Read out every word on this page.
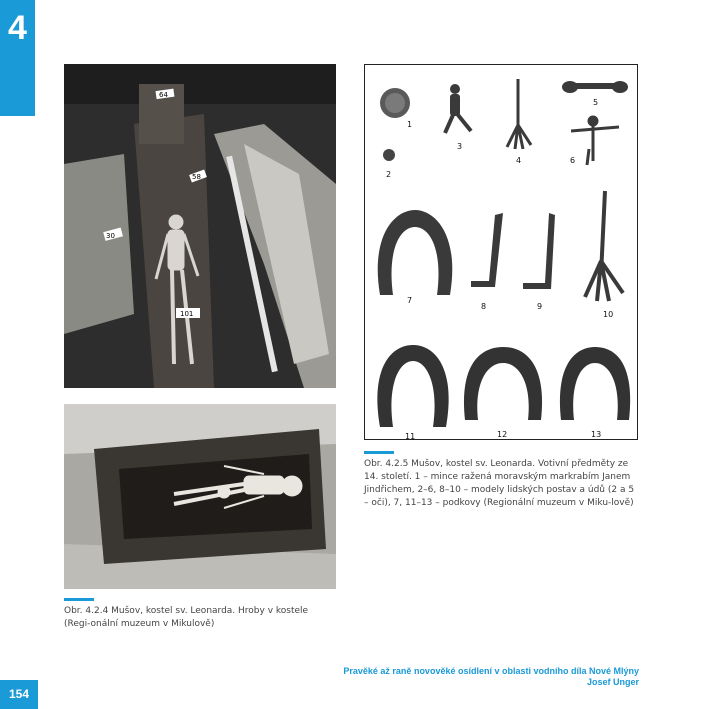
4
64
58
30
101
1
2
3
4
5
6
7
8	9
10
11	12	13
Obr. 4.2.5 Mušov, kostel sv. Leonarda. Votivní předměty ze 14. století. 1 – mince ražená moravským markrabím Janem Jindřichem, 2–6, 8–10 – modely lidských postav a údů (2 a 5 – oči), 7, 11–13 – podkovy (Regionální muzeum v Miku-lově)
Obr. 4.2.4 Mušov, kostel sv. Leonarda. Hroby v kostele (Regi-onální muzeum v Mikulově)
Pravěké až raně novověké osídlení v oblasti vodního díla Nové Mlýny
Josef Unger
154
